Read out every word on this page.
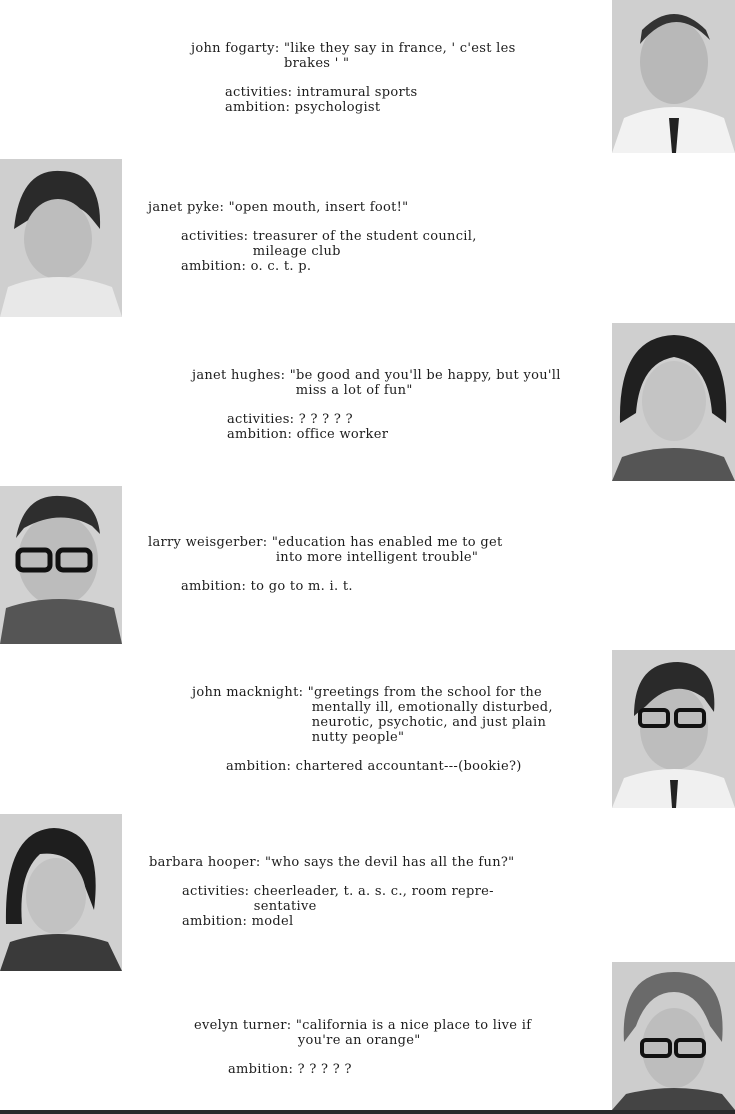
john fogarty: "like they say in france, ' c'est les
brakes ' "
activities: intramural sports
ambition: psychologist
janet pyke: "open mouth, insert foot!"
activities: treasurer of the student council,
mileage club
ambition: o. c. t. p.
janet hughes: "be good and you'll be happy, but you'll
miss a lot of fun"
activities: ? ? ? ? ?
ambition: office worker
larry weisgerber: "education has enabled me to get
into more intelligent trouble"
ambition: to go to m. i. t.
john macknight: "greetings from the school for the
mentally ill, emotionally disturbed,
neurotic, psychotic, and just plain
nutty people"
ambition: chartered accountant---(bookie?)
barbara hooper: "who says the devil has all the fun?"
activities: cheerleader, t. a. s. c., room repre-
sentative
ambition: model
evelyn turner: "california is a nice place to live if
you're an orange"
ambition: ? ? ? ? ?
